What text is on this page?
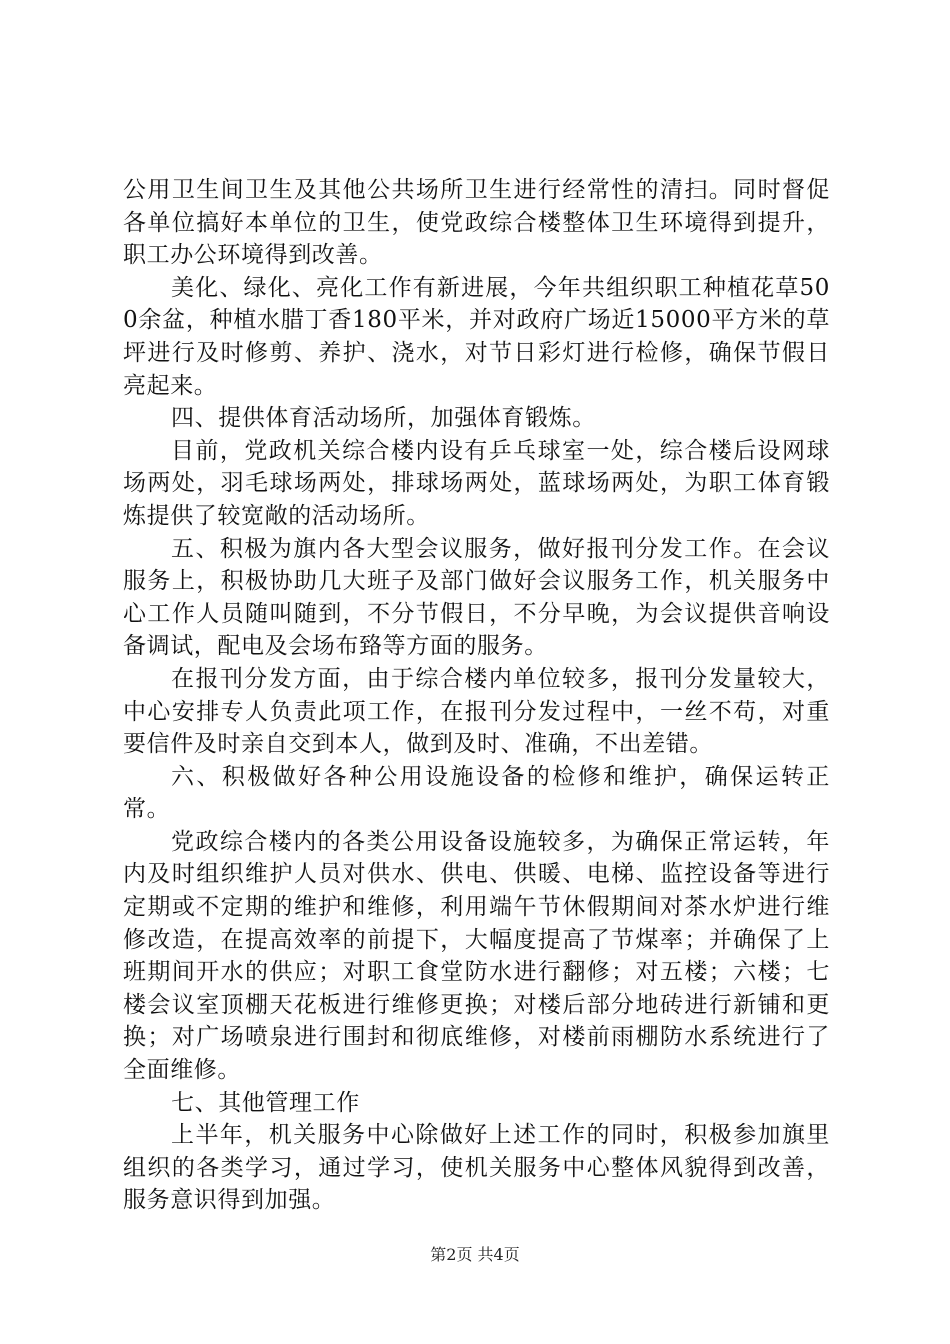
公用卫生间卫生及其他公共场所卫生进行经常性的清扫。同时督促各单位搞好本单位的卫生，使党政综合楼整体卫生环境得到提升，职工办公环境得到改善。

美化、绿化、亮化工作有新进展，今年共组织职工种植花草500余盆，种植水腊丁香180平米，并对政府广场近15000平方米的草坪进行及时修剪、养护、浇水，对节日彩灯进行检修，确保节假日亮起来。

四、提供体育活动场所，加强体育锻炼。

目前，党政机关综合楼内设有乒乓球室一处，综合楼后设网球场两处，羽毛球场两处，排球场两处，蓝球场两处，为职工体育锻炼提供了较宽敞的活动场所。

五、积极为旗内各大型会议服务，做好报刊分发工作。在会议服务上，积极协助几大班子及部门做好会议服务工作，机关服务中心工作人员随叫随到，不分节假日，不分早晚，为会议提供音响设备调试，配电及会场布臵等方面的服务。

在报刊分发方面，由于综合楼内单位较多，报刊分发量较大，中心安排专人负责此项工作，在报刊分发过程中，一丝不苟，对重要信件及时亲自交到本人，做到及时、准确，不出差错。

六、积极做好各种公用设施设备的检修和维护，确保运转正常。

党政综合楼内的各类公用设备设施较多，为确保正常运转，年内及时组织维护人员对供水、供电、供暖、电梯、监控设备等进行定期或不定期的维护和维修，利用端午节休假期间对茶水炉进行维修改造，在提高效率的前提下，大幅度提高了节煤率；并确保了上班期间开水的供应；对职工食堂防水进行翻修；对五楼；六楼；七楼会议室顶棚天花板进行维修更换；对楼后部分地砖进行新铺和更换；对广场喷泉进行围封和彻底维修，对楼前雨棚防水系统进行了全面维修。

七、其他管理工作

上半年，机关服务中心除做好上述工作的同时，积极参加旗里组织的各类学习，通过学习，使机关服务中心整体风貌得到改善，服务意识得到加强。

第2页 共4页
